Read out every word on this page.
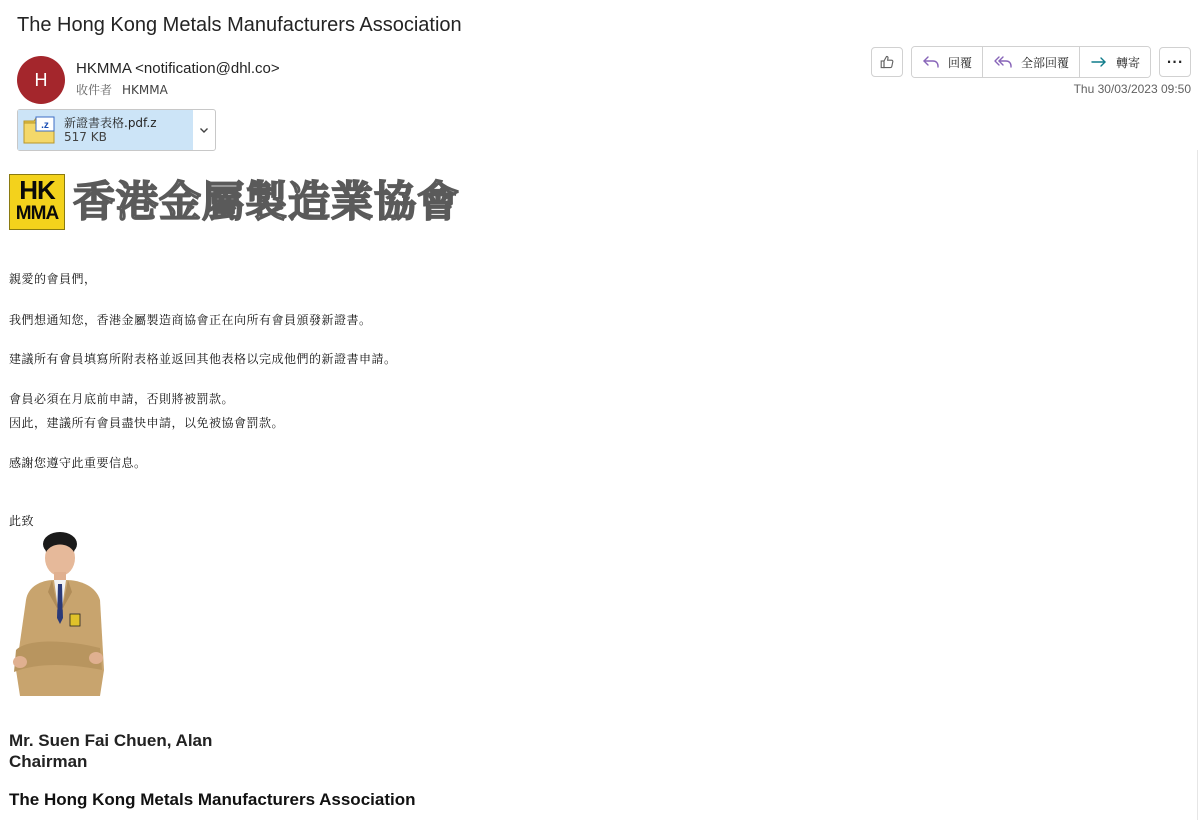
The Hong Kong Metals Manufacturers Association
H
HKMMA <notification@dhl.co>
收件者 HKMMA
回覆	全部回覆	轉寄 ···
Thu 30/03/2023 09:50
.z 新證書表格.pdf.z
517 KB
HK
MMA 香港金屬製造業協會
親愛的會員們，
我們想通知您，香港金屬製造商協會正在向所有會員頒發新證書。
建議所有會員填寫所附表格並返回其他表格以完成他們的新證書申請。
會員必須在月底前申請，否則將被罰款。
因此，建議所有會員盡快申請，以免被協會罰款。
感謝您遵守此重要信息。
此致
Mr. Suen Fai Chuen, Alan
Chairman
The Hong Kong Metals Manufacturers Association
